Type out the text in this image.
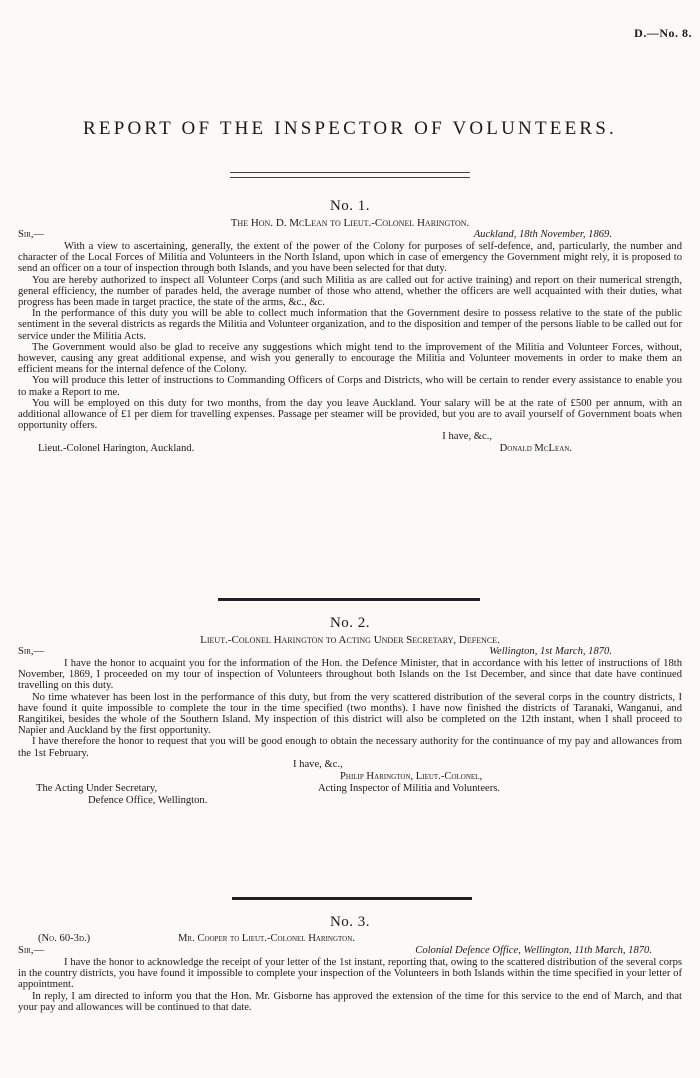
D.—No. 8.
REPORT OF THE INSPECTOR OF VOLUNTEERS.
No. 1.
The Hon. D. McLean to Lieut.-Colonel Harington.
Sir,—	Auckland, 18th November, 1869.

With a view to ascertaining, generally, the extent of the power of the Colony for purposes of self-defence, and, particularly, the number and character of the Local Forces of Militia and Volunteers in the North Island, upon which in case of emergency the Government might rely, it is proposed to send an officer on a tour of inspection through both Islands, and you have been selected for that duty.

You are hereby authorized to inspect all Volunteer Corps (and such Militia as are called out for active training) and report on their numerical strength, general efficiency, the number of parades held, the average number of those who attend, whether the officers are well acquainted with their duties, what progress has been made in target practice, the state of the arms, &c., &c.

In the performance of this duty you will be able to collect much information that the Government desire to possess relative to the state of the public sentiment in the several districts as regards the Militia and Volunteer organization, and to the disposition and temper of the persons liable to be called out for service under the Militia Acts.

The Government would also be glad to receive any suggestions which might tend to the improvement of the Militia and Volunteer Forces, without, however, causing any great additional expense, and wish you generally to encourage the Militia and Volunteer movements in order to make them an efficient means for the internal defence of the Colony.

You will produce this letter of instructions to Commanding Officers of Corps and Districts, who will be certain to render every assistance to enable you to make a Report to me.

You will be employed on this duty for two months, from the day you leave Auckland. Your salary will be at the rate of £500 per annum, with an additional allowance of £1 per diem for travelling expenses. Passage per steamer will be provided, but you are to avail yourself of Government boats when opportunity offers.

I have, &c.,
Lieut.-Colonel Harington, Auckland.	Donald McLean.
No. 2.
Lieut.-Colonel Harington to Acting Under Secretary, Defence.
Sir,—	Wellington, 1st March, 1870.

I have the honor to acquaint you for the information of the Hon. the Defence Minister, that in accordance with his letter of instructions of 18th November, 1869, I proceeded on my tour of inspection of Volunteers throughout both Islands on the 1st December, and since that date have continued travelling on this duty.

No time whatever has been lost in the performance of this duty, but from the very scattered distribution of the several corps in the country districts, I have found it quite impossible to complete the tour in the time specified (two months). I have now finished the districts of Taranaki, Wanganui, and Rangitikei, besides the whole of the Southern Island. My inspection of this district will also be completed on the 12th instant, when I shall proceed to Napier and Auckland by the first opportunity.

I have therefore the honor to request that you will be good enough to obtain the necessary authority for the continuance of my pay and allowances from the 1st February.

I have, &c.,
Philip Harington, Lieut.-Colonel,
Acting Inspector of Militia and Volunteers.
The Acting Under Secretary,
Defence Office, Wellington.
No. 3.
(No. 60-3d.)	Mr. Cooper to Lieut.-Colonel Harington.
Sir,—	Colonial Defence Office, Wellington, 11th March, 1870.

I have the honor to acknowledge the receipt of your letter of the 1st instant, reporting that, owing to the scattered distribution of the several corps in the country districts, you have found it impossible to complete your inspection of the Volunteers in both Islands within the time specified in your letter of appointment.

In reply, I am directed to inform you that the Hon. Mr. Gisborne has approved the extension of the time for this service to the end of March, and that your pay and allowances will be continued to that date.
